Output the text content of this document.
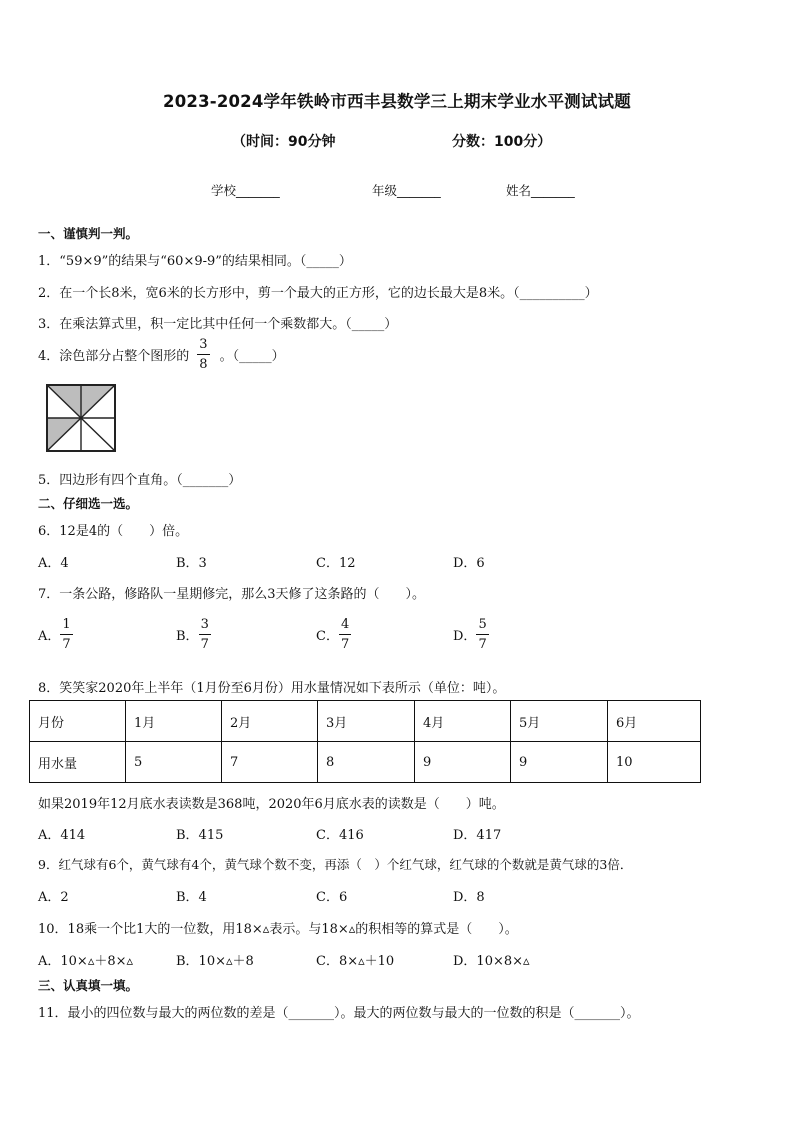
2023-2024学年铁岭市西丰县数学三上期末学业水平测试试题
（时间：90分钟	分数：100分）
学校_______	年级_______	姓名_______
一、谨慎判一判。
1．“59×9”的结果与“60×9-9”的结果相同。（_____）
2．在一个长8米，宽6米的长方形中，剪一个最大的正方形，它的边长最大是8米。（__________）
3．在乘法算式里，积一定比其中任何一个乘数都大。（_____）
4．涂色部分占整个图形的 $\frac{3}{8}$ 。（_____）
5．四边形有四个直角。（_______）
二、仔细选一选。
6．12是4的（　　）倍。
A．4	B．3	C．12	D．6
7．一条公路，修路队一星期修完，那么3天修了这条路的（　　）。
A． $\frac{1}{7}$	B． $\frac{3}{7}$	C． $\frac{4}{7}$	D． $\frac{5}{7}$
8．笑笑家2020年上半年（1月份至6月份）用水量情况如下表所示（单位：吨）。
月份	1月	2月	3月	4月	5月	6月
用水量	5	7	8	9	9	10
如果2019年12月底水表读数是368吨，2020年6月底水表的读数是（　　）吨。
A．414	B．415	C．416	D．417
9．红气球有6个，黄气球有4个，黄气球个数不变，再添（　）个红气球，红气球的个数就是黄气球的3倍．
A．2	B．4	C．6	D．8
10．18乘一个比1大的一位数，用18×▵表示。与18×▵的积相等的算式是（　　）。
A．10×▵＋8×▵	B．10×▵＋8	C．8×▵＋10	D．10×8×▵
三、认真填一填。
11．最小的四位数与最大的两位数的差是（_______）。最大的两位数与最大的一位数的积是（_______）。
